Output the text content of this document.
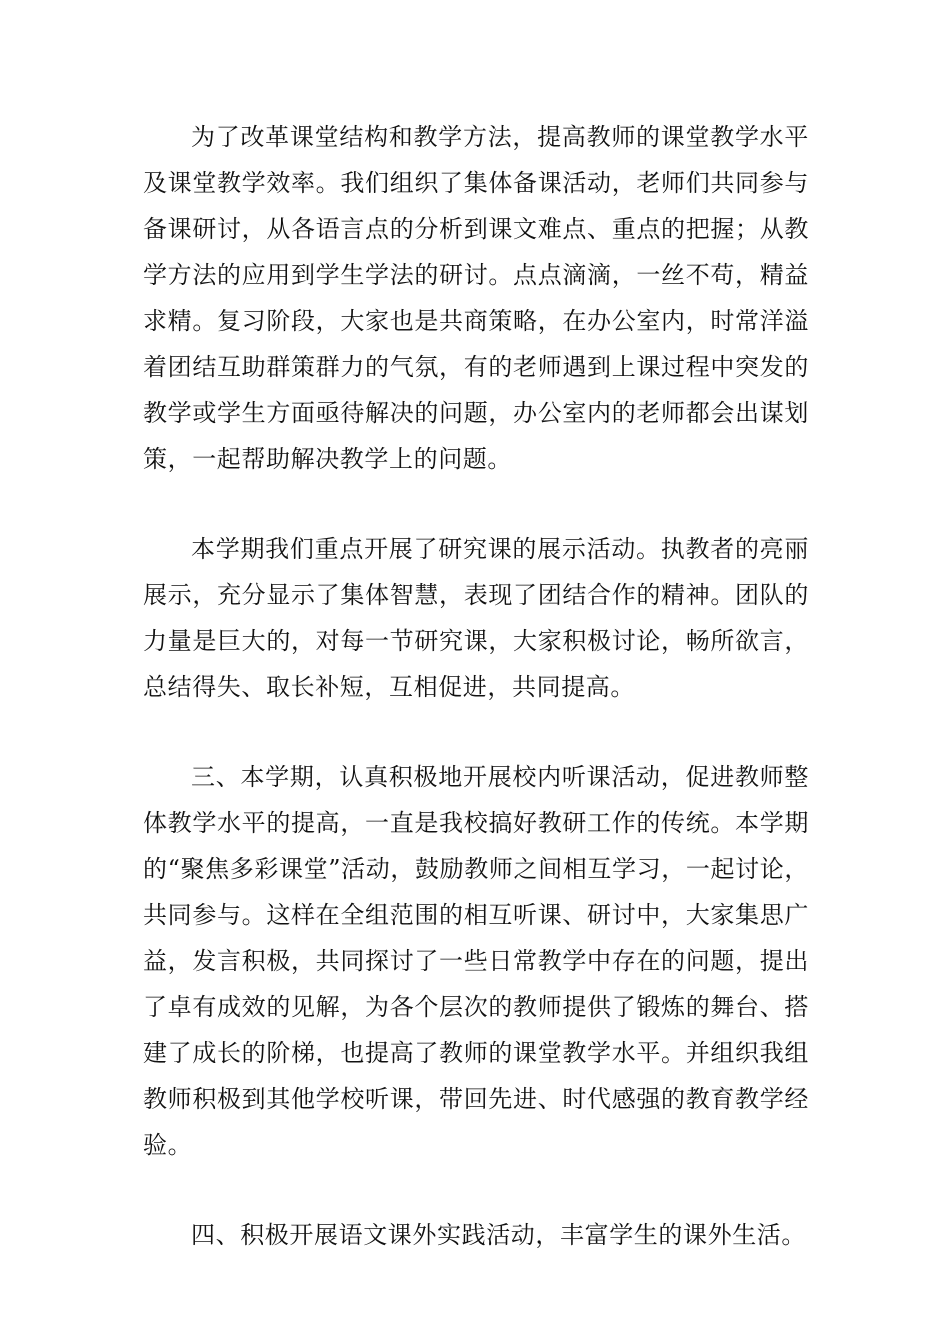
为了改革课堂结构和教学方法，提高教师的课堂教学水平及课堂教学效率。我们组织了集体备课活动，老师们共同参与备课研讨，从各语言点的分析到课文难点、重点的把握；从教学方法的应用到学生学法的研讨。点点滴滴，一丝不苟，精益求精。复习阶段，大家也是共商策略，在办公室内，时常洋溢着团结互助群策群力的气氛，有的老师遇到上课过程中突发的教学或学生方面亟待解决的问题，办公室内的老师都会出谋划策，一起帮助解决教学上的问题。

本学期我们重点开展了研究课的展示活动。执教者的亮丽展示，充分显示了集体智慧，表现了团结合作的精神。团队的力量是巨大的，对每一节研究课，大家积极讨论，畅所欲言，总结得失、取长补短，互相促进，共同提高。

三、本学期，认真积极地开展校内听课活动，促进教师整体教学水平的提高，一直是我校搞好教研工作的传统。本学期的“聚焦多彩课堂”活动，鼓励教师之间相互学习，一起讨论，共同参与。这样在全组范围的相互听课、研讨中，大家集思广益，发言积极，共同探讨了一些日常教学中存在的问题，提出了卓有成效的见解，为各个层次的教师提供了锻炼的舞台、搭建了成长的阶梯，也提高了教师的课堂教学水平。并组织我组教师积极到其他学校听课，带回先进、时代感强的教育教学经验。

四、积极开展语文课外实践活动，丰富学生的课外生活。
